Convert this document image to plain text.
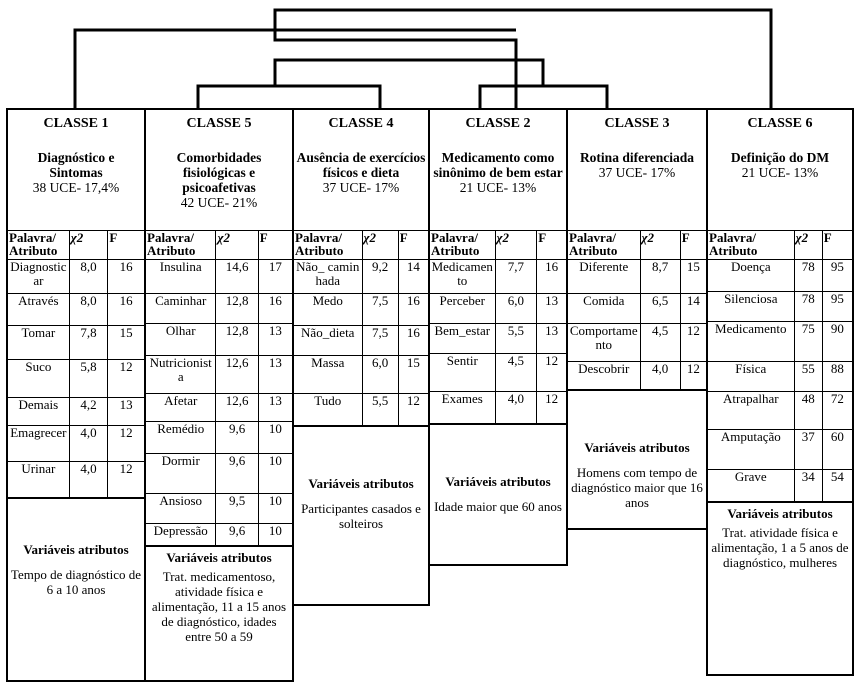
CLASSE 1
Diagnóstico e Sintomas
38 UCE- 17,4%
Palavra/ Atributo	χ2	F
Diagnosticar	8,0	16
Através	8,0	16
Tomar	7,8	15
Suco	5,8	12
Demais	4,2	13
Emagrecer	4,0	12
Urinar	4,0	12
Variáveis atributos
Tempo de diagnóstico de 6 a 10 anos
CLASSE 5
Comorbidades fisiológicas e psicoafetivas
42 UCE- 21%
Palavra/ Atributo	χ2	F
Insulina	14,6	17
Caminhar	12,8	16
Olhar	12,8	13
Nutricionista	12,6	13
Afetar	12,6	13
Remédio	9,6	10
Dormir	9,6	10
Ansioso	9,5	10
Depressão	9,6	10
Variáveis atributos
Trat. medicamentoso, atividade física e alimentação, 11 a 15 anos de diagnóstico, idades entre 50 a 59
CLASSE 4
Ausência de exercícios físicos e dieta
37 UCE- 17%
Palavra/ Atributo	χ2	F
Não_ caminhada	9,2	14
Medo	7,5	16
Não_dieta	7,5	16
Massa	6,0	15
Tudo	5,5	12
Variáveis atributos
Participantes casados e solteiros
CLASSE 2
Medicamento como sinônimo de bem estar
21 UCE- 13%
Palavra/ Atributo	χ2	F
Medicamento	7,7	16
Perceber	6,0	13
Bem_estar	5,5	13
Sentir	4,5	12
Exames	4,0	12
Variáveis atributos
Idade maior que 60 anos
CLASSE 3
Rotina diferenciada
37 UCE- 17%
Palavra/ Atributo	χ2	F
Diferente	8,7	15
Comida	6,5	14
Comportamento	4,5	12
Descobrir	4,0	12
Variáveis atributos
Homens com tempo de diagnóstico maior que 16 anos
CLASSE 6
Definição do DM
21 UCE- 13%
Palavra/ Atributo	χ2	F
Doença	78	95
Silenciosa	78	95
Medicamento	75	90
Física	55	88
Atrapalhar	48	72
Amputação	37	60
Grave	34	54
Variáveis atributos
Trat. atividade física e alimentação, 1 a 5 anos de diagnóstico, mulheres
